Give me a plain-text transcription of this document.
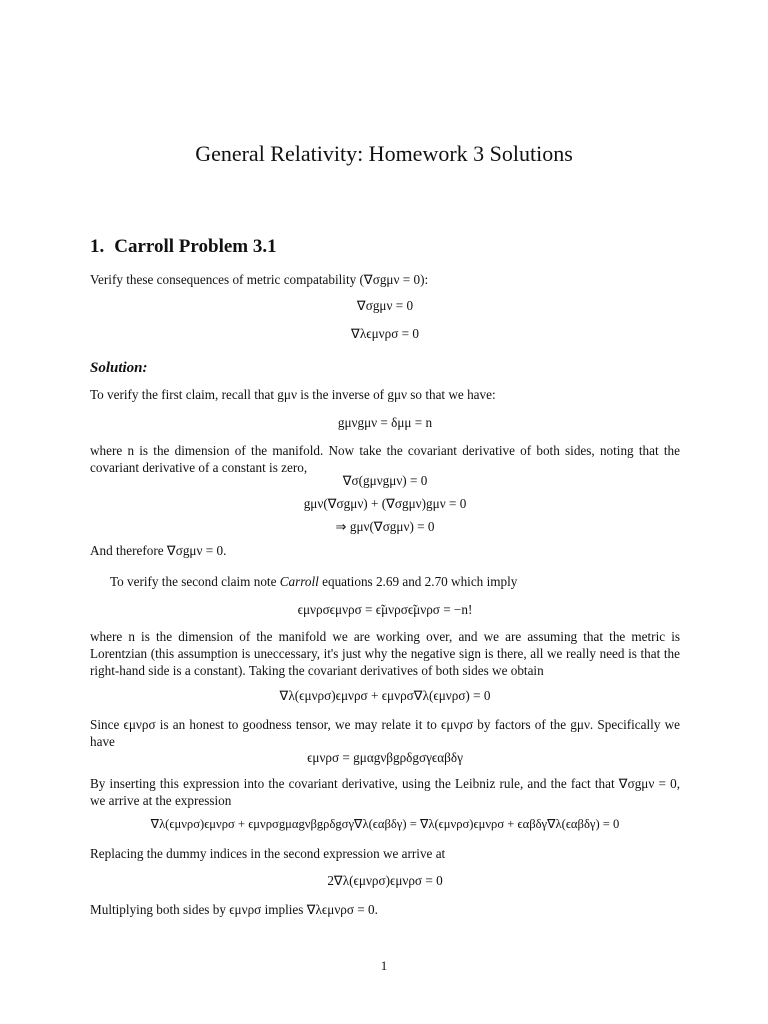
General Relativity: Homework 3 Solutions
1. Carroll Problem 3.1
Verify these consequences of metric compatability (∇σgμν = 0):
∇σgμν = 0
∇λϵμνρσ = 0
Solution:
To verify the first claim, recall that gμν is the inverse of gμν so that we have:
gμνgμν = δμμ = n
where n is the dimension of the manifold. Now take the covariant derivative of both sides, noting that the covariant derivative of a constant is zero,
∇σ(gμνgμν) = 0
gμν(∇σgμν) + (∇σgμν)gμν = 0
⇒ gμν(∇σgμν) = 0
And therefore ∇σgμν = 0.
To verify the second claim note Carroll equations 2.69 and 2.70 which imply
ϵμνρσϵμνρσ = ϵ̃μνρσϵ̃μνρσ = −n!
where n is the dimension of the manifold we are working over, and we are assuming that the metric is Lorentzian (this assumption is uneccessary, it's just why the negative sign is there, all we really need is that the right-hand side is a constant). Taking the covariant derivatives of both sides we obtain
∇λ(ϵμνρσ)ϵμνρσ + ϵμνρσ∇λ(ϵμνρσ) = 0
Since ϵμνρσ is an honest to goodness tensor, we may relate it to ϵμνρσ by factors of the gμν. Specifically we have
ϵμνρσ = gμαgνβgρδgσγϵαβδγ
By inserting this expression into the covariant derivative, using the Leibniz rule, and the fact that ∇σgμν = 0, we arrive at the expression
∇λ(ϵμνρσ)ϵμνρσ + ϵμνρσgμαgνβgρδgσγ∇λ(ϵαβδγ) = ∇λ(ϵμνρσ)ϵμνρσ + ϵαβδγ∇λ(ϵαβδγ) = 0
Replacing the dummy indices in the second expression we arrive at
2∇λ(ϵμνρσ)ϵμνρσ = 0
Multiplying both sides by ϵμνρσ implies ∇λϵμνρσ = 0.
1
